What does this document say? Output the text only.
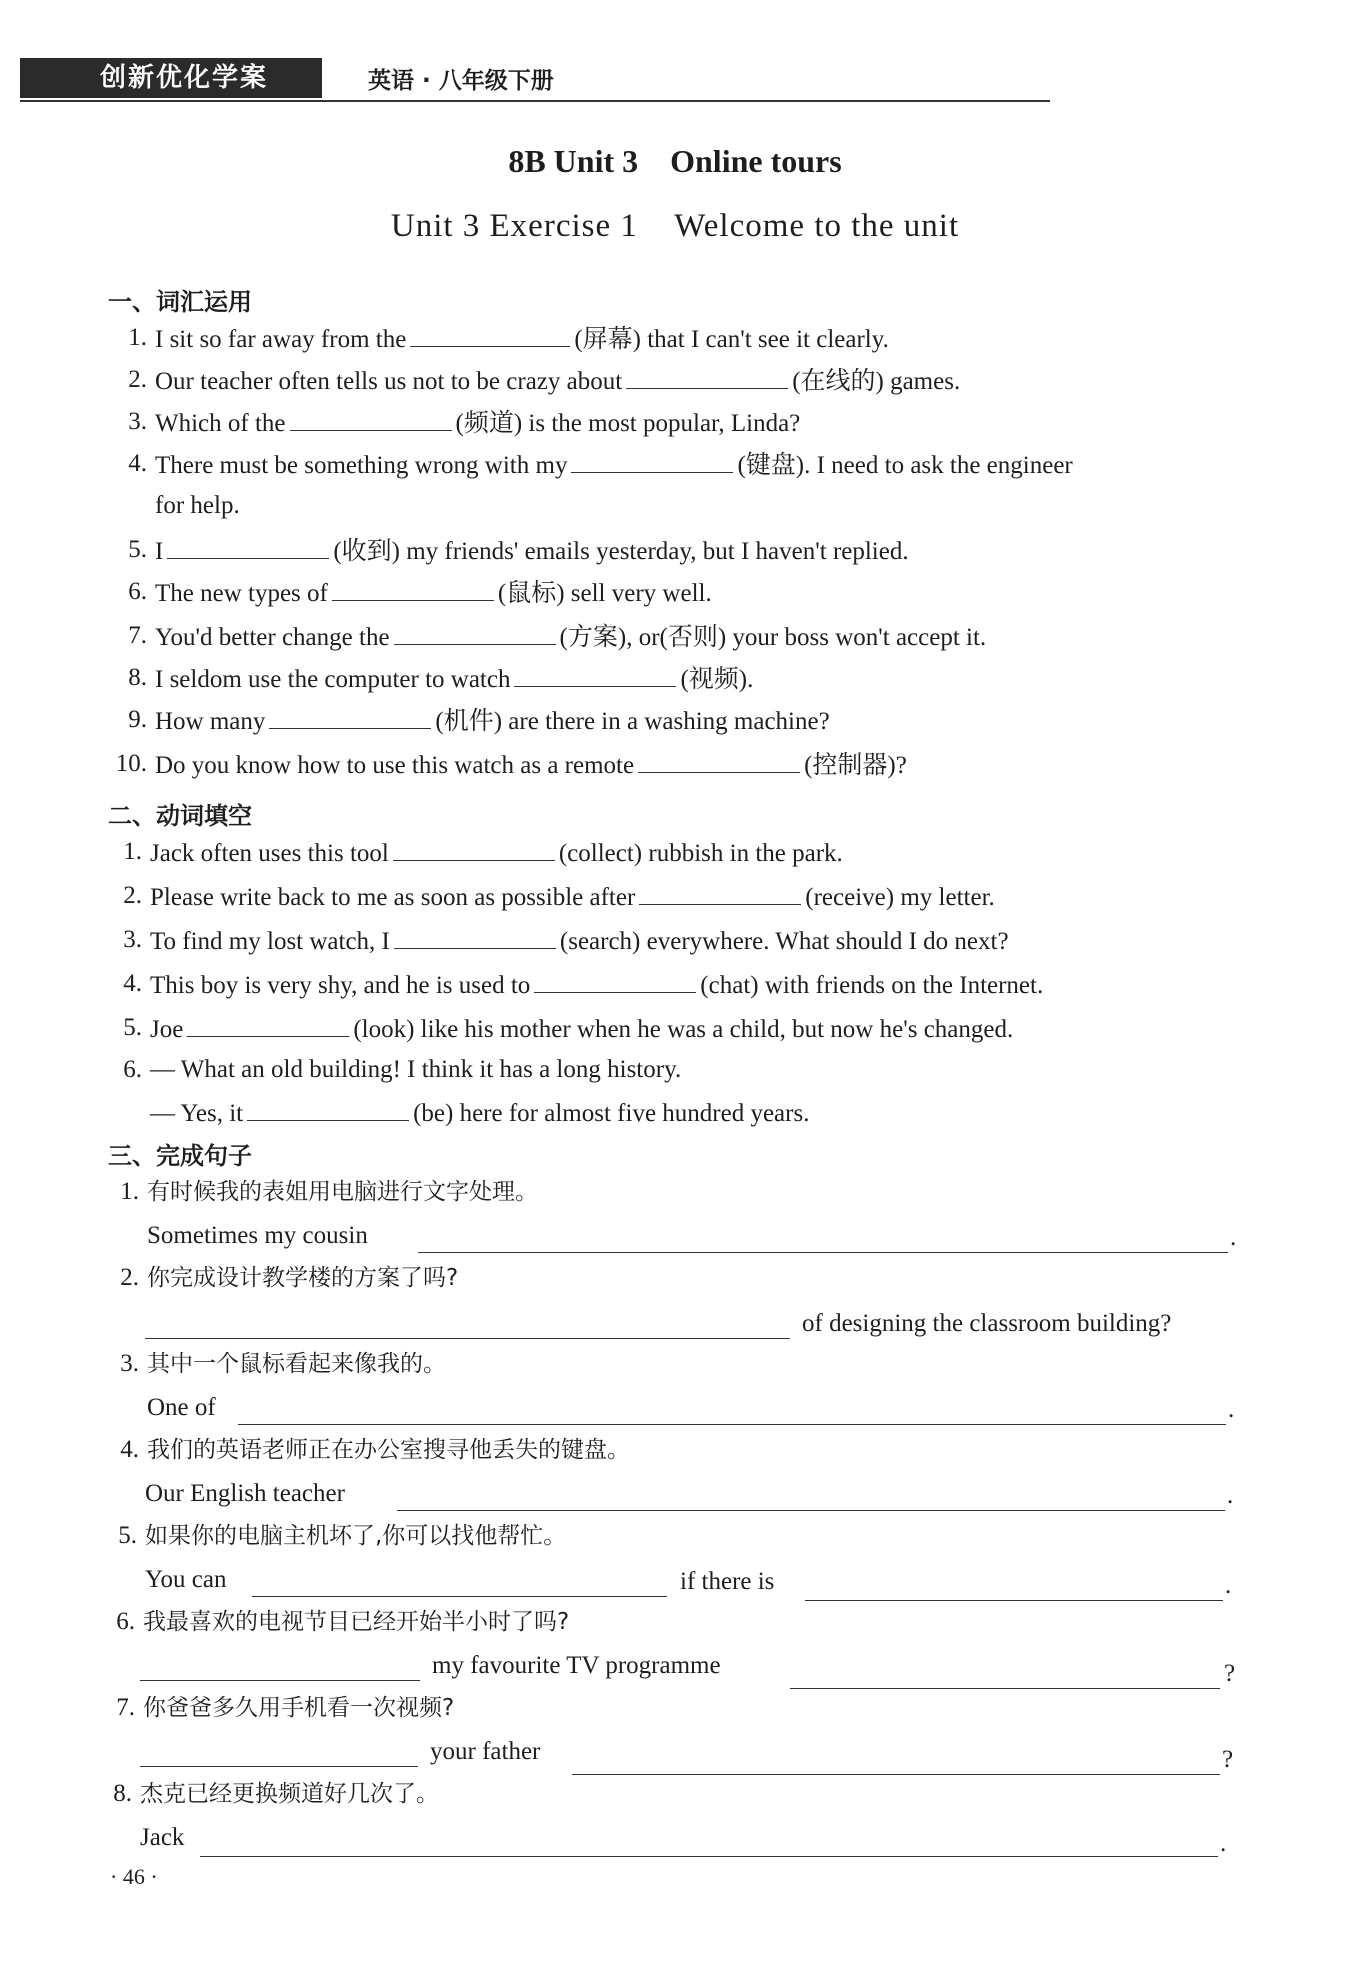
创新优化学案	英语 · 八年级下册
8B Unit 3    Online tours
Unit 3 Exercise 1    Welcome to the unit
一、词汇运用
1. I sit so far away from the	(屏幕) that I can't see it clearly.
2. Our teacher often tells us not to be crazy about	(在线的) games.
3. Which of the	(频道) is the most popular, Linda?
4. There must be something wrong with my	(键盘). I need to ask the engineer
for help.
5. I	(收到) my friends' emails yesterday, but I haven't replied.
6. The new types of	(鼠标) sell very well.
7. You'd better change the	(方案), or(否则) your boss won't accept it.
8. I seldom use the computer to watch	(视频).
9. How many	(机件) are there in a washing machine?
10. Do you know how to use this watch as a remote	(控制器)?
二、动词填空
1. Jack often uses this tool	(collect) rubbish in the park.
2. Please write back to me as soon as possible after	(receive) my letter.
3. To find my lost watch, I	(search) everywhere. What should I do next?
4. This boy is very shy, and he is used to	(chat) with friends on the Internet.
5. Joe	(look) like his mother when he was a child, but now he's changed.
6. — What an old building! I think it has a long history.
— Yes, it	(be) here for almost five hundred years.
三、完成句子
1. 有时候我的表姐用电脑进行文字处理。
Sometimes my cousin	.
2. 你完成设计教学楼的方案了吗?
of designing the classroom building?
3. 其中一个鼠标看起来像我的。
One of	.
4. 我们的英语老师正在办公室搜寻他丢失的键盘。
Our English teacher	.
5. 如果你的电脑主机坏了,你可以找他帮忙。
You can	if there is	.
6. 我最喜欢的电视节目已经开始半小时了吗?
my favourite TV programme	?
7. 你爸爸多久用手机看一次视频?
your father	?
8. 杰克已经更换频道好几次了。
Jack	.
· 46 ·
